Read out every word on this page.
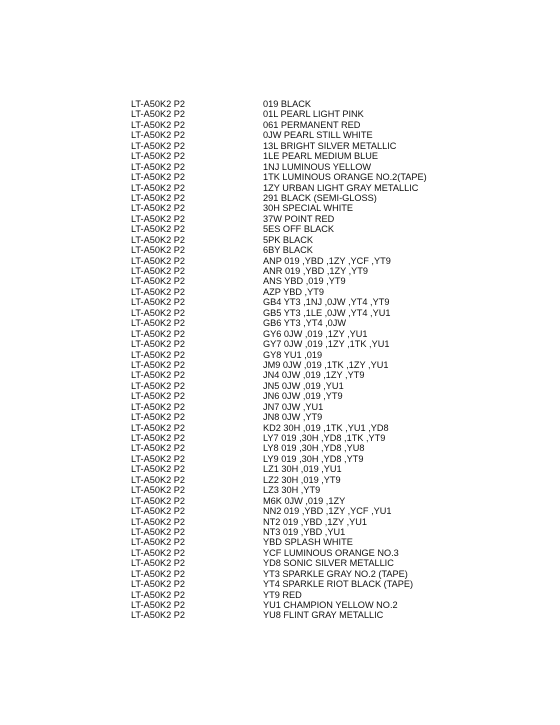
LT-A50K2 P2	019 BLACK
LT-A50K2 P2	01L PEARL LIGHT PINK
LT-A50K2 P2	061 PERMANENT RED
LT-A50K2 P2	0JW PEARL STILL WHITE
LT-A50K2 P2	13L BRIGHT SILVER METALLIC
LT-A50K2 P2	1LE PEARL MEDIUM BLUE
LT-A50K2 P2	1NJ LUMINOUS YELLOW
LT-A50K2 P2	1TK LUMINOUS ORANGE NO.2(TAPE)
LT-A50K2 P2	1ZY URBAN LIGHT GRAY METALLIC
LT-A50K2 P2	291 BLACK (SEMI-GLOSS)
LT-A50K2 P2	30H SPECIAL WHITE
LT-A50K2 P2	37W POINT RED
LT-A50K2 P2	5ES OFF BLACK
LT-A50K2 P2	5PK BLACK
LT-A50K2 P2	6BY BLACK
LT-A50K2 P2	ANP 019 ,YBD ,1ZY ,YCF ,YT9
LT-A50K2 P2	ANR 019 ,YBD ,1ZY ,YT9
LT-A50K2 P2	ANS YBD ,019 ,YT9
LT-A50K2 P2	AZP YBD ,YT9
LT-A50K2 P2	GB4 YT3 ,1NJ ,0JW ,YT4 ,YT9
LT-A50K2 P2	GB5 YT3 ,1LE ,0JW ,YT4 ,YU1
LT-A50K2 P2	GB6 YT3 ,YT4 ,0JW
LT-A50K2 P2	GY6 0JW ,019 ,1ZY ,YU1
LT-A50K2 P2	GY7 0JW ,019 ,1ZY ,1TK ,YU1
LT-A50K2 P2	GY8 YU1 ,019
LT-A50K2 P2	JM9 0JW ,019 ,1TK ,1ZY ,YU1
LT-A50K2 P2	JN4 0JW ,019 ,1ZY ,YT9
LT-A50K2 P2	JN5 0JW ,019 ,YU1
LT-A50K2 P2	JN6 0JW ,019 ,YT9
LT-A50K2 P2	JN7 0JW ,YU1
LT-A50K2 P2	JN8 0JW ,YT9
LT-A50K2 P2	KD2 30H ,019 ,1TK ,YU1 ,YD8
LT-A50K2 P2	LY7 019 ,30H ,YD8 ,1TK ,YT9
LT-A50K2 P2	LY8 019 ,30H ,YD8 ,YU8
LT-A50K2 P2	LY9 019 ,30H ,YD8 ,YT9
LT-A50K2 P2	LZ1 30H ,019 ,YU1
LT-A50K2 P2	LZ2 30H ,019 ,YT9
LT-A50K2 P2	LZ3 30H ,YT9
LT-A50K2 P2	M6K 0JW ,019 ,1ZY
LT-A50K2 P2	NN2 019 ,YBD ,1ZY ,YCF ,YU1
LT-A50K2 P2	NT2 019 ,YBD ,1ZY ,YU1
LT-A50K2 P2	NT3 019 ,YBD ,YU1
LT-A50K2 P2	YBD SPLASH WHITE
LT-A50K2 P2	YCF LUMINOUS ORANGE NO.3
LT-A50K2 P2	YD8 SONIC SILVER METALLIC
LT-A50K2 P2	YT3 SPARKLE GRAY NO.2 (TAPE)
LT-A50K2 P2	YT4 SPARKLE RIOT BLACK (TAPE)
LT-A50K2 P2	YT9 RED
LT-A50K2 P2	YU1 CHAMPION YELLOW NO.2
LT-A50K2 P2	YU8 FLINT GRAY METALLIC
